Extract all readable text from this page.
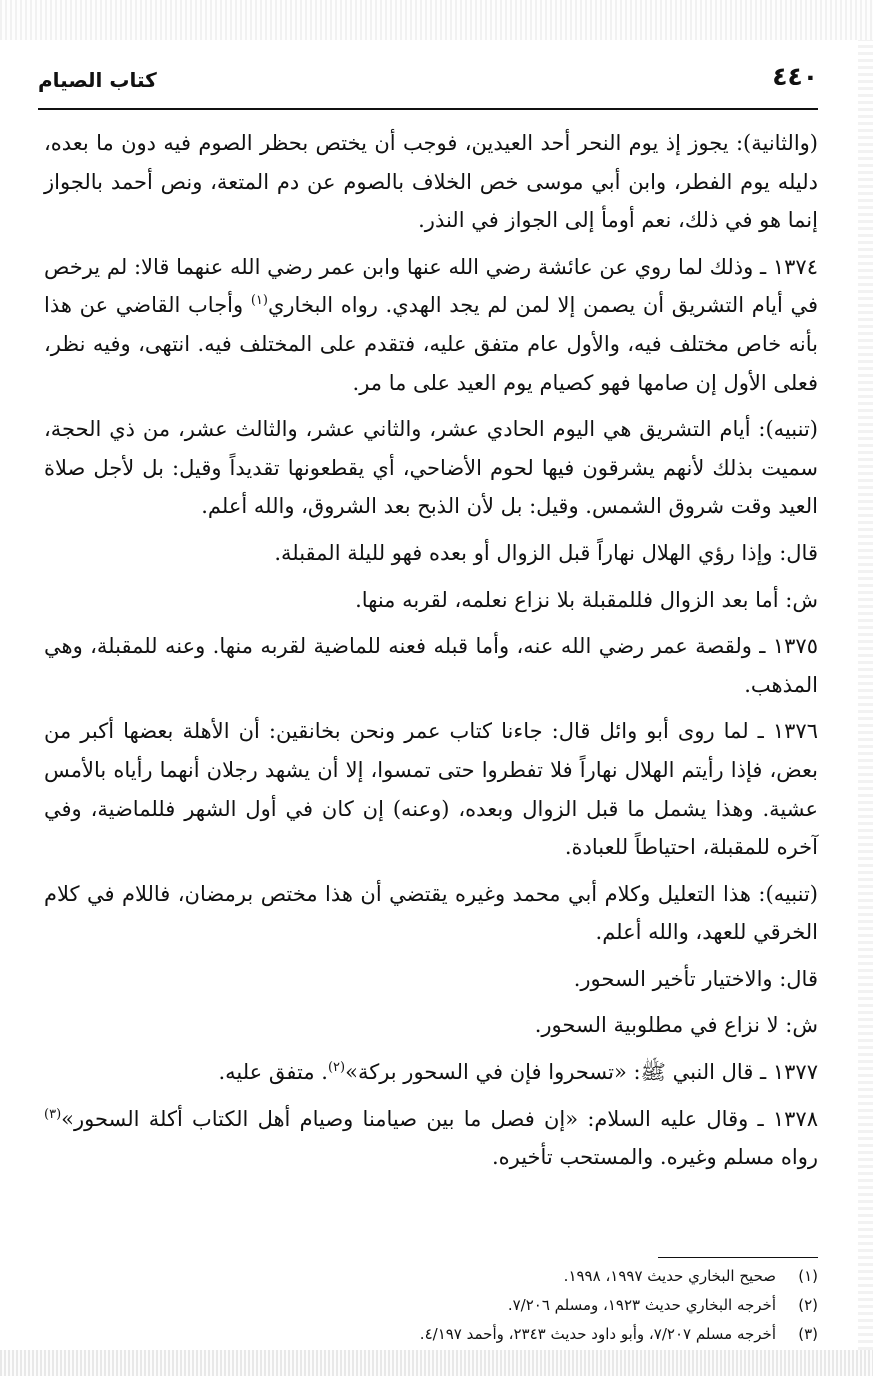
٤٤٠
كتاب الصيام

(والثانية): يجوز إذ يوم النحر أحد العيدين، فوجب أن يختص بحظر الصوم فيه دون ما بعده، دليله يوم الفطر، وابن أبي موسى خص الخلاف بالصوم عن دم المتعة، ونص أحمد بالجواز إنما هو في ذلك، نعم أومأ إلى الجواز في النذر.

١٣٧٤ ـ وذلك لما روي عن عائشة رضي الله عنها وابن عمر رضي الله عنهما قالا: لم يرخص في أيام التشريق أن يصمن إلا لمن لم يجد الهدي. رواه البخاري$^{(١)}$ وأجاب القاضي عن هذا بأنه خاص مختلف فيه، والأول عام متفق عليه، فتقدم على المختلف فيه. انتهى، وفيه نظر، فعلى الأول إن صامها فهو كصيام يوم العيد على ما مر.

(تنبيه): أيام التشريق هي اليوم الحادي عشر، والثاني عشر، والثالث عشر، من ذي الحجة، سميت بذلك لأنهم يشرقون فيها لحوم الأضاحي، أي يقطعونها تقديداً وقيل: بل لأجل صلاة العيد وقت شروق الشمس. وقيل: بل لأن الذبح بعد الشروق، والله أعلم.

قال: وإذا رؤي الهلال نهاراً قبل الزوال أو بعده فهو لليلة المقبلة.

ش: أما بعد الزوال فللمقبلة بلا نزاع نعلمه، لقربه منها.

١٣٧٥ ـ ولقصة عمر رضي الله عنه، وأما قبله فعنه للماضية لقربه منها. وعنه للمقبلة، وهي المذهب.

١٣٧٦ ـ لما روى أبو وائل قال: جاءنا كتاب عمر ونحن بخانقين: أن الأهلة بعضها أكبر من بعض، فإذا رأيتم الهلال نهاراً فلا تفطروا حتى تمسوا، إلا أن يشهد رجلان أنهما رأياه بالأمس عشية. وهذا يشمل ما قبل الزوال وبعده، (وعنه) إن كان في أول الشهر فللماضية، وفي آخره للمقبلة، احتياطاً للعبادة.

(تنبيه): هذا التعليل وكلام أبي محمد وغيره يقتضي أن هذا مختص برمضان، فاللام في كلام الخرقي للعهد، والله أعلم.

قال: والاختيار تأخير السحور.

ش: لا نزاع في مطلوبية السحور.

١٣٧٧ ـ قال النبي ﷺ: «تسحروا فإن في السحور بركة»$^{(٢)}$. متفق عليه.

١٣٧٨ ـ وقال عليه السلام: «إن فصل ما بين صيامنا وصيام أهل الكتاب أكلة السحور»$^{(٣)}$ رواه مسلم وغيره. والمستحب تأخيره.

(١)
صحيح البخاري حديث ١٩٩٧، ١٩٩٨.
(٢)
أخرجه البخاري حديث ١٩٢٣، ومسلم ٧/٢٠٦.
(٣)
أخرجه مسلم ٧/٢٠٧، وأبو داود حديث ٢٣٤٣، وأحمد ٤/١٩٧.
